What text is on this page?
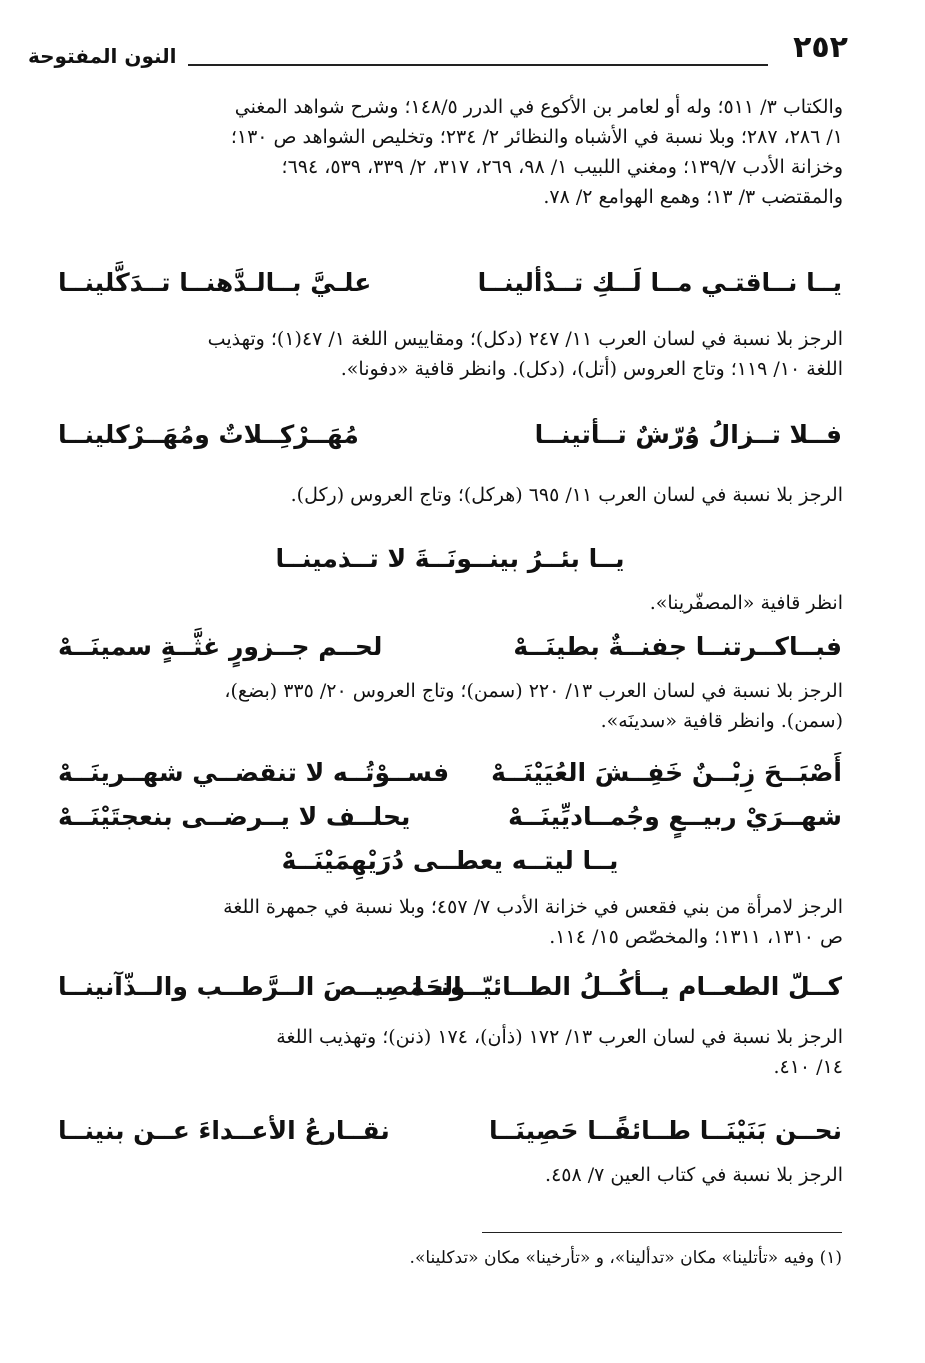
٢٥٢
النون المفتوحة

والكتاب ٣/ ٥١١؛ وله أو لعامر بن الأكوع في الدرر ١٤٨/٥؛ وشرح شواهد المغني

١/ ٢٨٦، ٢٨٧؛ وبلا نسبة في الأشباه والنظائر ٢/ ٢٣٤؛ وتخليص الشواهد ص ١٣٠؛

وخزانة الأدب ١٣٩/٧؛ ومغني اللبيب ١/ ٩٨، ٢٦٩، ٣١٧، ٢/ ٣٣٩، ٥٣٩، ٦٩٤؛

والمقتضب ٣/ ١٣؛ وهمع الهوامع ٢/ ٧٨.

يــا نــاقتـي مــا لَــكِ تــدْألينــا
علـيَّ بــالـدَّهنــا تــدَكَّلينــا

الرجز بلا نسبة في لسان العرب ١١/ ٢٤٧ (دكل)؛ ومقاييس اللغة ١/ ٤٧(١)؛ وتهذيب

اللغة ١٠/ ١١٩؛ وتاج العروس (أتل)، (دكل). وانظر قافية «دفونا».

فــلا تــزالُ وُرّشٌ تــأتينــا
مُهَــرْكِــلاتٌ ومُهَــرْكلينــا

الرجز بلا نسبة في لسان العرب ١١/ ٦٩٥ (هركل)؛ وتاج العروس (ركل).

يــا بئــرُ بينــونَــةَ لا تــذمينــا

انظر قافية «المصفّرينا».

فبــاكــرتنــا جفنــةٌ بطينَــهْ
لحــم جــزورٍ غثَّــةٍ سمينَــهْ

الرجز بلا نسبة في لسان العرب ١٣/ ٢٢٠ (سمن)؛ وتاج العروس ٢٠/ ٣٣٥ (بضع)،

(سمن). وانظر قافية «سدينَه».

أَصْبَــحَ زِبْــنٌ خَفِــشَ العُيَيْنَــهْ
فســوْتُــه لا تنقضــي شهــرينَــهْ
شهــرَيْ ربيــعٍ وجُمــاديِّينَــهْ
يحلــف لا يــرضــى بنعجتَيْنَــهْ
يــا ليتــه يعطــى دُرَيْهِمَيْنَــهْ

الرجز لامرأة من بني فقعس في خزانة الأدب ٧/ ٤٥٧؛ وبلا نسبة في جمهرة اللغة

ص ١٣١٠، ١٣١١؛ والمخصّص ١٥/ ١١٤.

كــلّ الطعــام يــأكُــلُ الطــائيّــونــا
الحَمَصِيــصَ الــرَّطــب والــذّآنينــا

الرجز بلا نسبة في لسان العرب ١٣/ ١٧٢ (ذأن)، ١٧٤ (ذنن)؛ وتهذيب اللغة

١٤/ ٤١٠.

نحــن بَنَيْنَــا طــائفًــا حَصِينَــا
نقــارعُ الأعــداءَ عــن بنينــا

الرجز بلا نسبة في كتاب العين ٧/ ٤٥٨.

(١) وفيه «تأتلينا» مكان «تدألينا»، و «تأرخينا» مكان «تدكلينا».
